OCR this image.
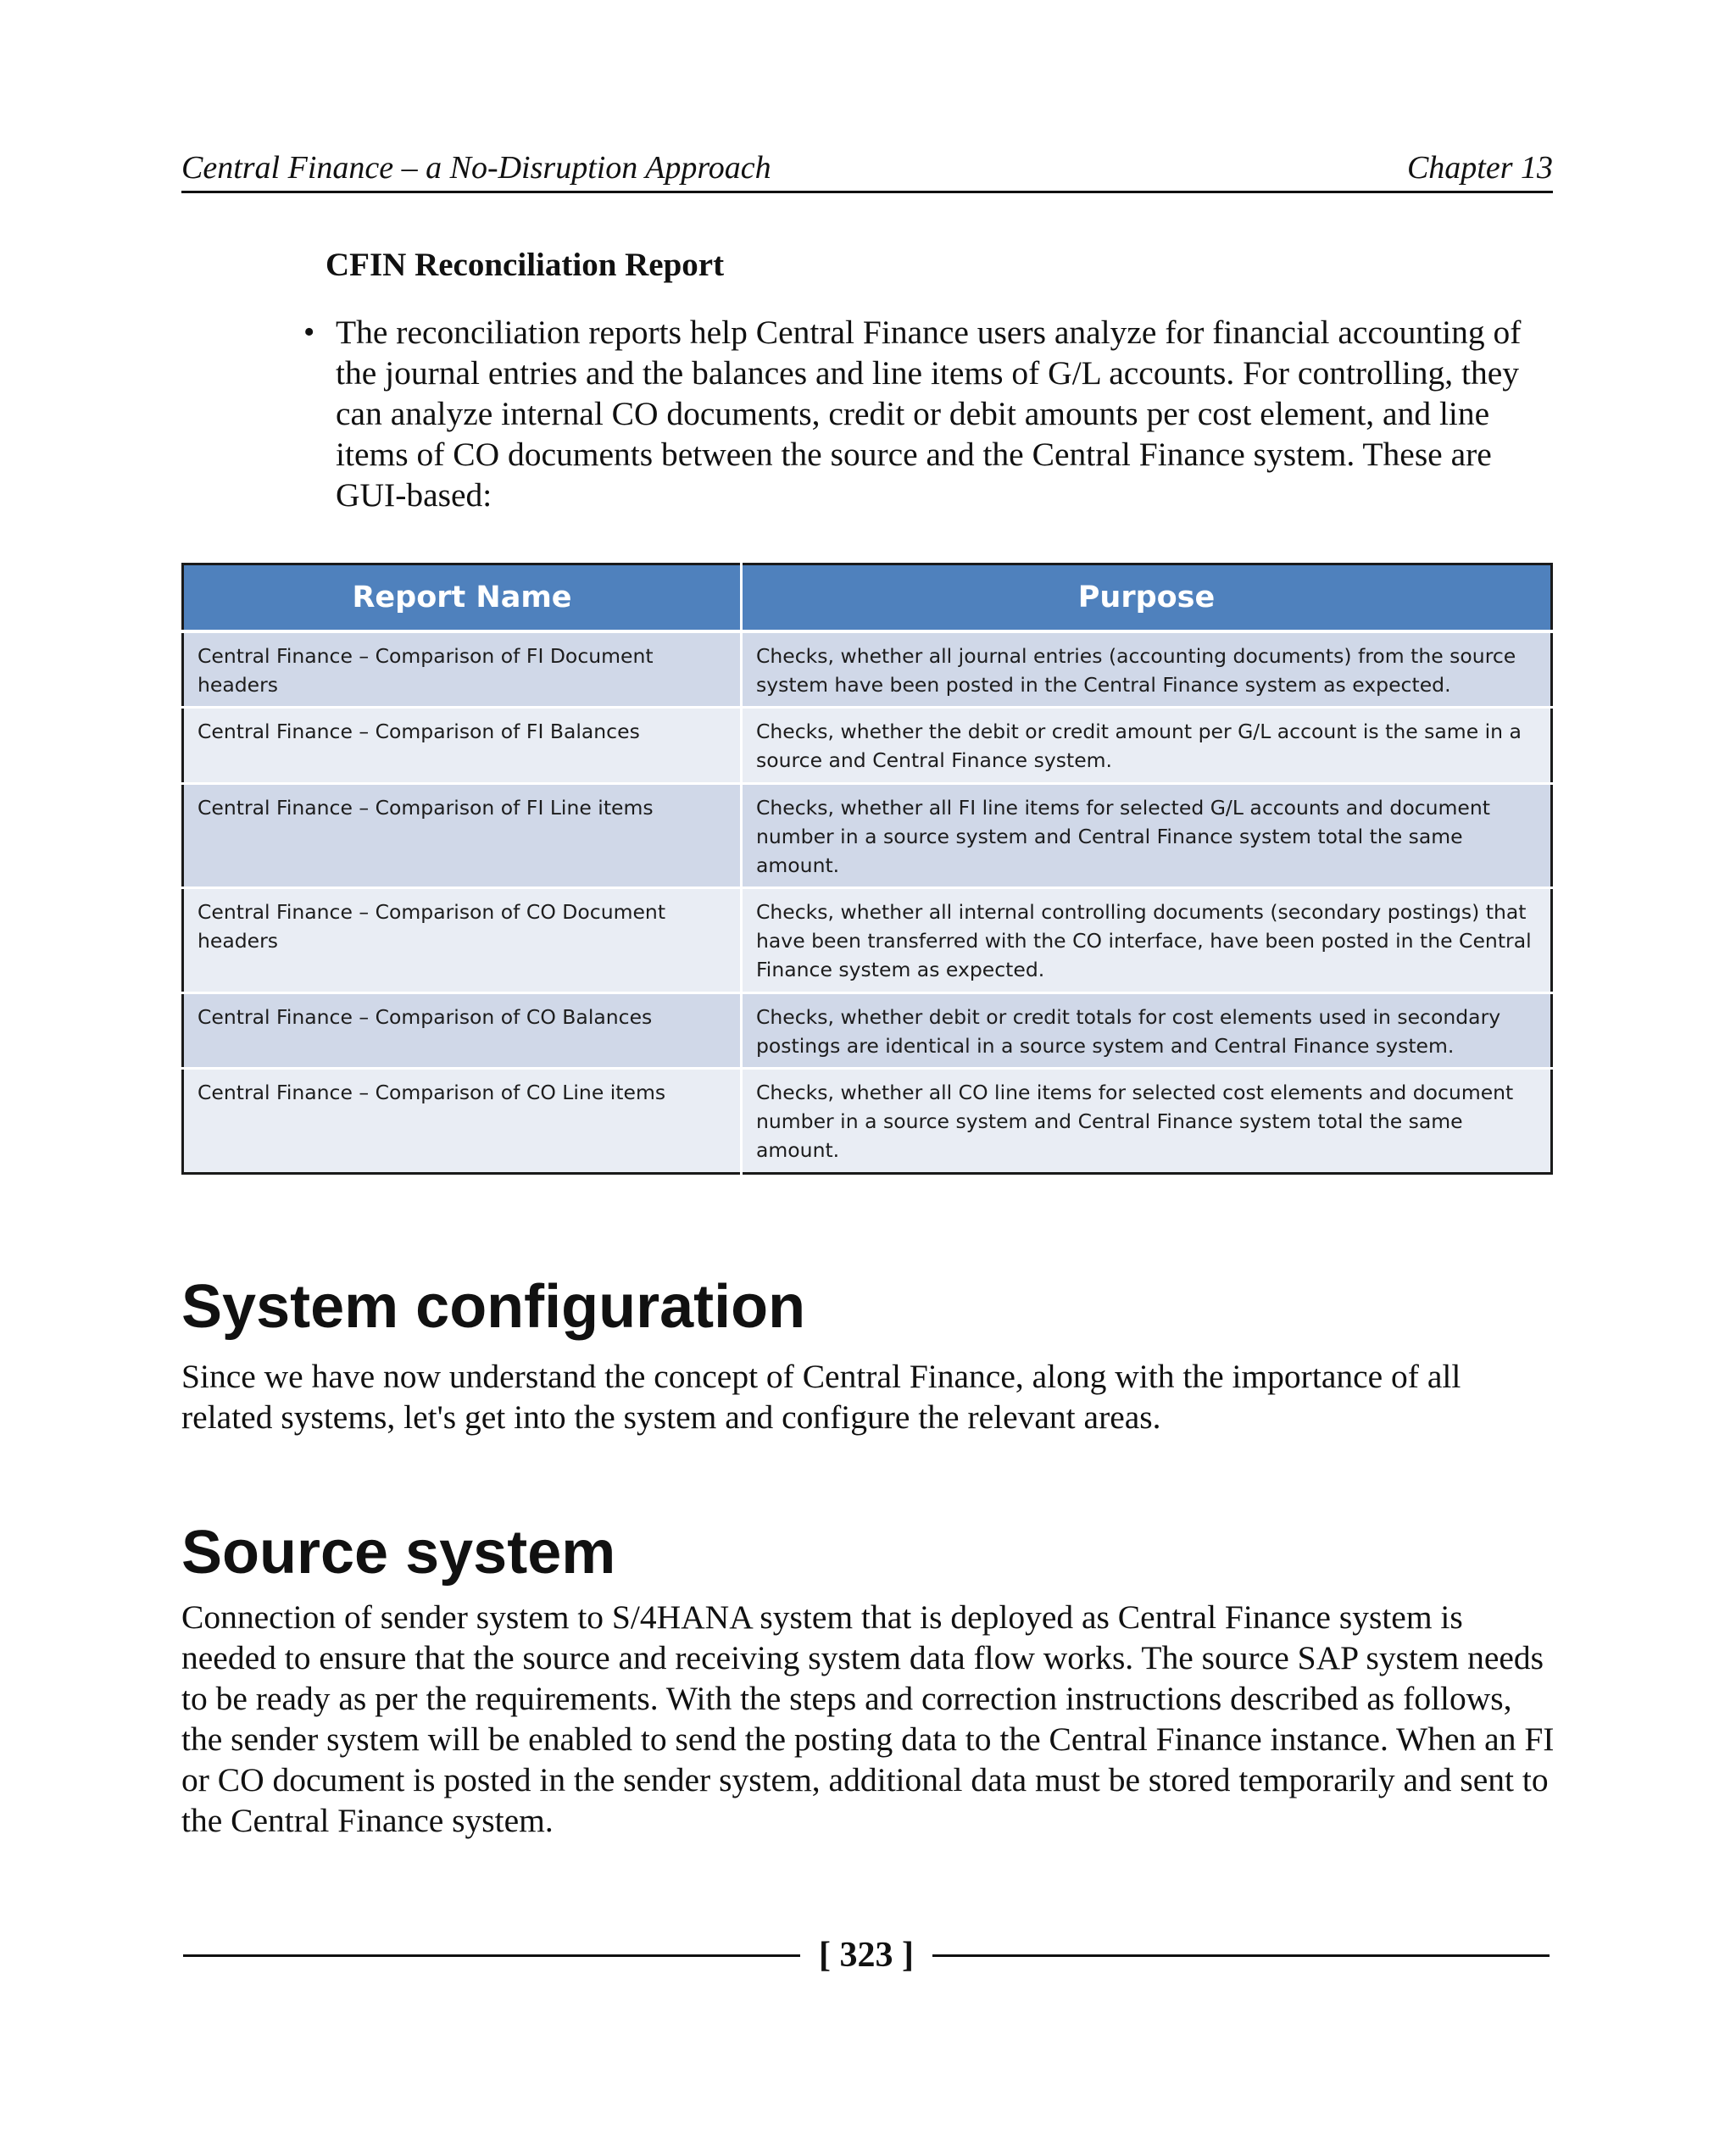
Central Finance – a No-Disruption Approach	Chapter 13

CFIN Reconciliation Report

• The reconciliation reports help Central Finance users analyze for financial accounting of the journal entries and the balances and line items of G/L accounts. For controlling, they can analyze internal CO documents, credit or debit amounts per cost element, and line items of CO documents between the source and the Central Finance system. These are GUI-based:

Report Name	Purpose
Central Finance – Comparison of FI Document headers	Checks, whether all journal entries (accounting documents) from the source system have been posted in the Central Finance system as expected.
Central Finance – Comparison of FI Balances	Checks, whether the debit or credit amount per G/L account is the same in a source and Central Finance system.
Central Finance – Comparison of FI Line items	Checks, whether all FI line items for selected G/L accounts and document number in a source system and Central Finance system total the same amount.
Central Finance – Comparison of CO Document headers	Checks, whether all internal controlling documents (secondary postings) that have been transferred with the CO interface, have been posted in the Central Finance system as expected.
Central Finance – Comparison of CO Balances	Checks, whether debit or credit totals for cost elements used in secondary postings are identical in a source system and Central Finance system.
Central Finance – Comparison of CO Line items	Checks, whether all CO line items for selected cost elements and document number in a source system and Central Finance system total the same amount.
System configuration

Since we have now understand the concept of Central Finance, along with the importance of all related systems, let's get into the system and configure the relevant areas.

Source system

Connection of sender system to S/4HANA system that is deployed as Central Finance system is needed to ensure that the source and receiving system data flow works. The source SAP system needs to be ready as per the requirements. With the steps and correction instructions described as follows, the sender system will be enabled to send the posting data to the Central Finance instance. When an FI or CO document is posted in the sender system, additional data must be stored temporarily and sent to the Central Finance system.

[ 323 ]
